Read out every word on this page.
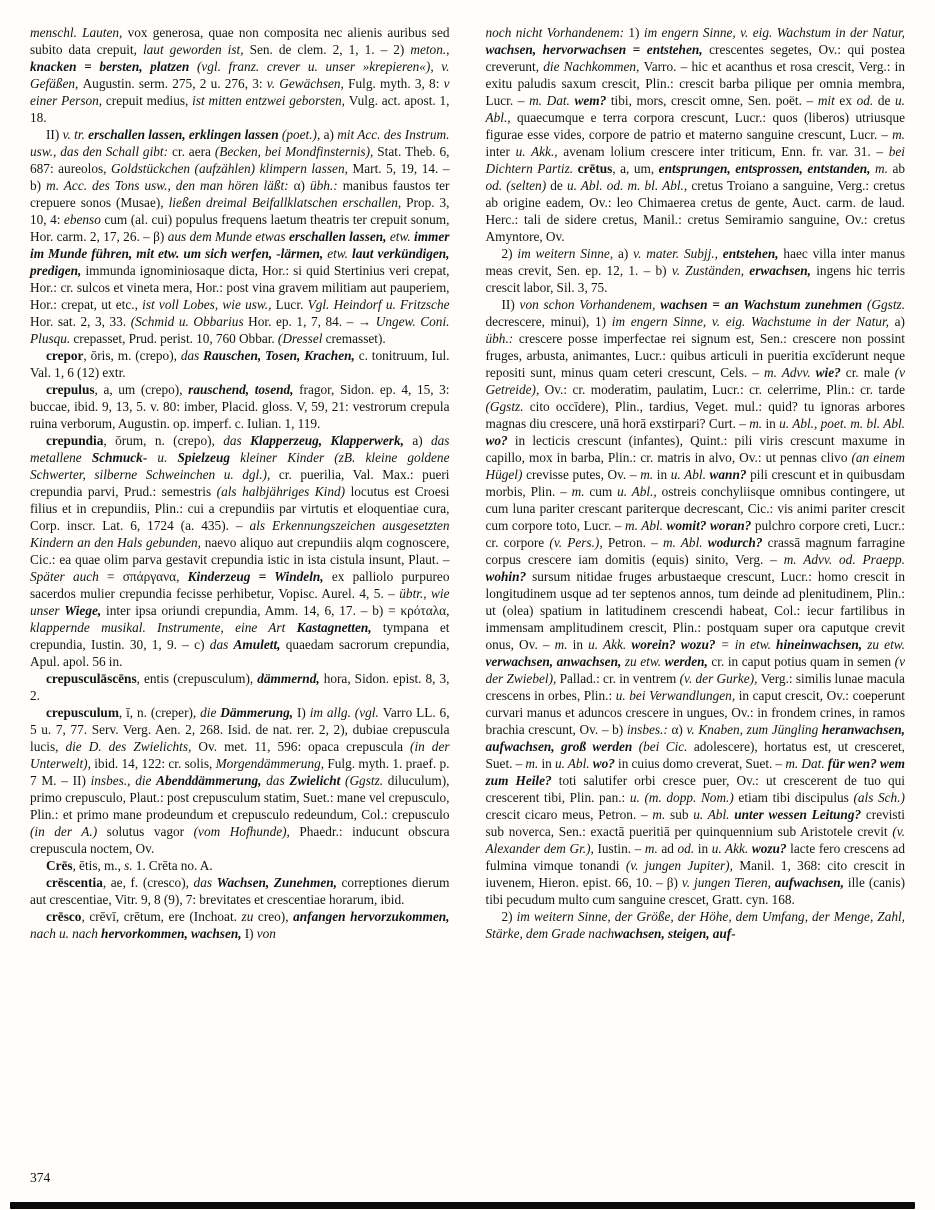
menschl. Lauten, vox generosa, quae non composita nec alienis auribus sed subito data crepuit, laut geworden ist, Sen. de clem. 2, 1, 1. – 2) meton., knacken = bersten, platzen (vgl. franz. crever u. unser »krepieren«), v. Gefäßen, Augustin. serm. 275, 2 u. 276, 3: v. Gewächsen, Fulg. myth. 3, 8: v einer Person, crepuit medius, ist mitten entzwei geborsten, Vulg. act. apost. 1, 18.

II) v. tr. erschallen lassen, erklingen lassen (poet.), a) mit Acc. des Instrum. usw., das den Schall gibt: cr. aera (Becken, bei Mondfinsternis), Stat. Theb. 6, 687: aureolos, Goldstückchen (aufzählen) klimpern lassen, Mart. 5, 19, 14. – b) m. Acc. des Tons usw., den man hören läßt: α) übh.: manibus faustos ter crepuere sonos (Musae), ließen dreimal Beifallklatschen erschallen, Prop. 3, 10, 4: ebenso cum (al. cui) populus frequens laetum theatris ter crepuit sonum, Hor. carm. 2, 17, 26. – β) aus dem Munde etwas erschallen lassen, etw. immer im Munde führen, mit etw. um sich werfen, -lärmen, etw. laut verkündigen, predigen, immunda ignominiosaque dicta, Hor.: si quid Stertinius veri crepat, Hor.: cr. sulcos et vineta mera, Hor.: post vina gravem militiam aut pauperiem, Hor.: crepat, ut etc., ist voll Lobes, wie usw., Lucr. Vgl. Heindorf u. Fritzsche Hor. sat. 2, 3, 33. (Schmid u. Obbarius Hor. ep. 1, 7, 84. – → Ungew. Coni. Plusqu. crepasset, Prud. perist. 10, 760 Obbar. (Dressel cremasset).

crepor, ōris, m. (crepo), das Rauschen, Tosen, Krachen, c. tonitruum, Iul. Val. 1, 6 (12) extr.

crepulus, a, um (crepo), rauschend, tosend, fragor, Sidon. ep. 4, 15, 3: buccae, ibid. 9, 13, 5. v. 80: imber, Placid. gloss. V, 59, 21: vestrorum crepula ruina verborum, Augustin. op. imperf. c. Iulian. 1, 119.

crepundia, ōrum, n. (crepo), das Klapperzeug, Klapperwerk, a) das metallene Schmuck- u. Spielzeug kleiner Kinder (zB. kleine goldene Schwerter, silberne Schweinchen u. dgl.), cr. puerilia, Val. Max.: pueri crepundia parvi, Prud.: semestris (als halbjähriges Kind) locutus est Croesi filius et in crepundiis, Plin.: cui a crepundiis par virtutis et eloquentiae cura, Corp. inscr. Lat. 6, 1724 (a. 435). – als Erkennungszeichen ausgesetzten Kindern an den Hals gebunden, naevo aliquo aut crepundiis alqm cognoscere, Cic.: ea quae olim parva gestavit crepundia istic in ista cistula insunt, Plaut. – Später auch = σπάργανα, Kinderzeug = Windeln, ex palliolo purpureo sacerdos mulier crepundia fecisse perhibetur, Vopisc. Aurel. 4, 5. – übtr., wie unser Wiege, inter ipsa oriundi crepundia, Amm. 14, 6, 17. – b) = κρόταλα, klappernde musikal. Instrumente, eine Art Kastagnetten, tympana et crepundia, Iustin. 30, 1, 9. – c) das Amulett, quaedam sacrorum crepundia, Apul. apol. 56 in.

crepusculāscēns, entis (crepusculum), dämmernd, hora, Sidon. epist. 8, 3, 2.

crepusculum, ī, n. (creper), die Dämmerung, I) im allg. (vgl. Varro LL. 6, 5 u. 7, 77. Serv. Verg. Aen. 2, 268. Isid. de nat. rer. 2, 2), dubiae crepuscula lucis, die D. des Zwielichts, Ov. met. 11, 596: opaca crepuscula (in der Unterwelt), ibid. 14, 122: cr. solis, Morgendämmerung, Fulg. myth. 1. praef. p. 7 M. – II) insbes., die Abenddämmerung, das Zwielicht (Ggstz. diluculum), primo crepusculo, Plaut.: post crepusculum statim, Suet.: mane vel crepusculo, Plin.: et primo mane prodeundum et crepusculo redeundum, Col.: crepusculo (in der A.) solutus vagor (vom Hofhunde), Phaedr.: inducunt obscura crepuscula noctem, Ov.

Crēs, ētis, m., s. 1. Crēta no. A.

crēscentia, ae, f. (cresco), das Wachsen, Zunehmen, correptiones dierum aut crescentiae, Vitr. 9, 8 (9), 7: brevitates et crescentiae horarum, ibid.

crēsco, crēvī, crētum, ere (Inchoat. zu creo), anfangen hervorzukommen, nach u. nach hervorkommen, wachsen, I) von

noch nicht Vorhandenem: 1) im engern Sinne, v. eig. Wachstum in der Natur, wachsen, hervorwachsen = entstehen, crescentes segetes, Ov.: qui postea creverunt, die Nachkommen, Varro. – hic et acanthus et rosa crescit, Verg.: in exitu paludis saxum crescit, Plin.: crescit barba pilique per omnia membra, Lucr. – m. Dat. wem? tibi, mors, crescit omne, Sen. poët. – mit ex od. de u. Abl., quaecumque e terra corpora crescunt, Lucr.: quos (liberos) utriusque figurae esse vides, corpore de patrio et materno sanguine crescunt, Lucr. – m. inter u. Akk., avenam lolium crescere inter triticum, Enn. fr. var. 31. – bei Dichtern Partiz. crētus, a, um, entsprungen, entsprossen, entstanden, m. ab od. (selten) de u. Abl. od. m. bl. Abl., cretus Troiano a sanguine, Verg.: cretus ab origine eadem, Ov.: leo Chimaerea cretus de gente, Auct. carm. de laud. Herc.: tali de sidere cretus, Manil.: cretus Semiramio sanguine, Ov.: cretus Amyntore, Ov.

2) im weitern Sinne, a) v. mater. Subjj., entstehen, haec villa inter manus meas crevit, Sen. ep. 12, 1. – b) v. Zuständen, erwachsen, ingens hic terris crescit labor, Sil. 3, 75.

II) von schon Vorhandenem, wachsen = an Wachstum zunehmen (Ggstz. decrescere, minui), 1) im engern Sinne, v. eig. Wachstume in der Natur, a) übh.: crescere posse imperfectae rei signum est, Sen.: crescere non possint fruges, arbusta, animantes, Lucr.: quibus articuli in pueritia excīderunt neque repositi sunt, minus quam ceteri crescunt, Cels. – m. Advv. wie? cr. male (v Getreide), Ov.: cr. moderatim, paulatim, Lucr.: cr. celerrime, Plin.: cr. tarde (Ggstz. cito occīdere), Plin., tardius, Veget. mul.: quid? tu ignoras arbores magnas diu crescere, unā horā exstirpari? Curt. – m. in u. Abl., poet. m. bl. Abl. wo? in lecticis crescunt (infantes), Quint.: pili viris crescunt maxume in capillo, mox in barba, Plin.: cr. matris in alvo, Ov.: ut pennas clivo (an einem Hügel) crevisse putes, Ov. – m. in u. Abl. wann? pili crescunt et in quibusdam morbis, Plin. – m. cum u. Abl., ostreis conchyliisque omnibus contingere, ut cum luna pariter crescant pariterque decrescant, Cic.: vis animi pariter crescit cum corpore toto, Lucr. – m. Abl. womit? woran? pulchro corpore creti, Lucr.: cr. corpore (v. Pers.), Petron. – m. Abl. wodurch? crassā magnum farragine corpus crescere iam domitis (equis) sinito, Verg. – m. Advv. od. Praepp. wohin? sursum nitidae fruges arbustaeque crescunt, Lucr.: homo crescit in longitudinem usque ad ter septenos annos, tum deinde ad plenitudinem, Plin.: ut (olea) spatium in latitudinem crescendi habeat, Col.: iecur fartilibus in immensam amplitudinem crescit, Plin.: postquam super ora caputque crevit onus, Ov. – m. in u. Akk. worein? wozu? = in etw. hineinwachsen, zu etw. verwachsen, anwachsen, zu etw. werden, cr. in caput potius quam in semen (v der Zwiebel), Pallad.: cr. in ventrem (v. der Gurke), Verg.: similis lunae macula crescens in orbes, Plin.: u. bei Verwandlungen, in caput crescit, Ov.: coeperunt curvari manus et aduncos crescere in ungues, Ov.: in frondem crines, in ramos brachia crescunt, Ov. – b) insbes.: α) v. Knaben, zum Jüngling heranwachsen, aufwachsen, groß werden (bei Cic. adolescere), hortatus est, ut cresceret, Suet. – m. in u. Abl. wo? in cuius domo creverat, Suet. – m. Dat. für wen? wem zum Heile? toti salutifer orbi cresce puer, Ov.: ut crescerent de tuo qui crescerent tibi, Plin. pan.: u. (m. dopp. Nom.) etiam tibi discipulus (als Sch.) crescit cicaro meus, Petron. – m. sub u. Abl. unter wessen Leitung? crevisti sub noverca, Sen.: exactā pueritiā per quinquennium sub Aristotele crevit (v. Alexander dem Gr.), Iustin. – m. ad od. in u. Akk. wozu? lacte fero crescens ad fulmina vimque tonandi (v. jungen Jupiter), Manil. 1, 368: cito crescit in iuvenem, Hieron. epist. 66, 10. – β) v. jungen Tieren, aufwachsen, ille (canis) tibi pecudum multo cum sanguine crescet, Gratt. cyn. 168.

2) im weitern Sinne, der Größe, der Höhe, dem Umfang, der Menge, Zahl, Stärke, dem Grade nachwachsen, steigen, auf-

374
